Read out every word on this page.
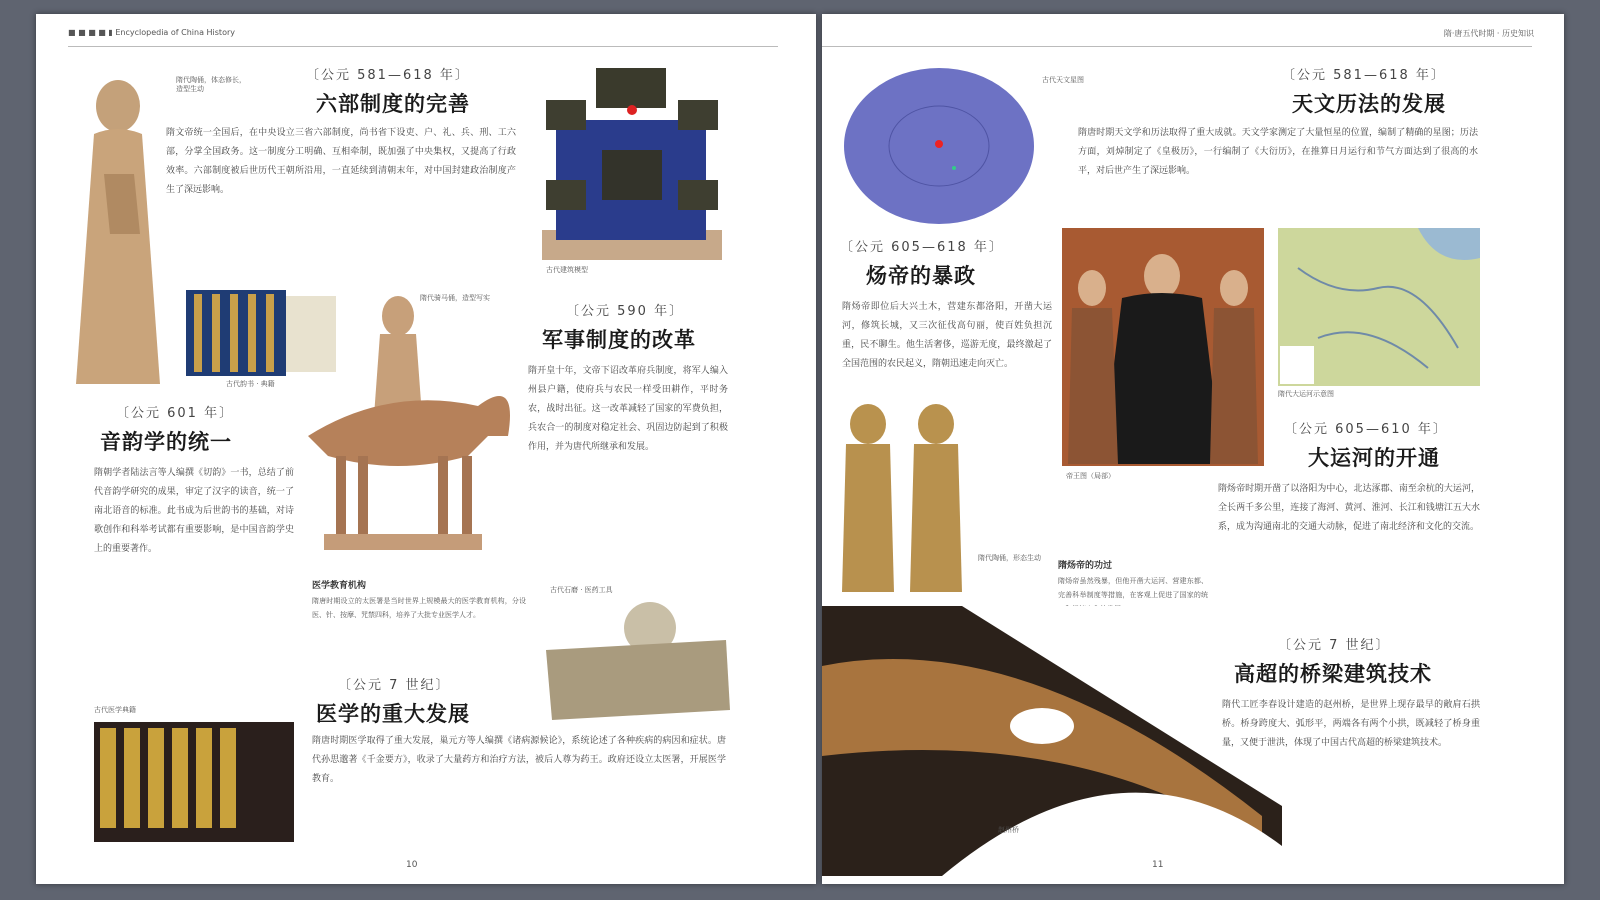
■ ■ ■ ■ ▮ Encyclopedia of China History
隋代陶俑，体态修长，造型生动
〔公元 581—618 年〕
六部制度的完善
隋文帝统一全国后，在中央设立三省六部制度，尚书省下设吏、户、礼、兵、刑、工六部，分掌全国政务。这一制度分工明确、互相牵制，既加强了中央集权，又提高了行政效率。六部制度被后世历代王朝所沿用，一直延续到清朝末年，对中国封建政治制度产生了深远影响。
古代建筑模型
古代韵书 · 典籍
隋代骑马俑，造型写实
〔公元 590 年〕
军事制度的改革
隋开皇十年，文帝下诏改革府兵制度，将军人编入州县户籍，使府兵与农民一样受田耕作，平时务农，战时出征。这一改革减轻了国家的军费负担，兵农合一的制度对稳定社会、巩固边防起到了积极作用，并为唐代所继承和发展。
〔公元 601 年〕
音韵学的统一
隋朝学者陆法言等人编撰《切韵》一书，总结了前代音韵学研究的成果，审定了汉字的读音，统一了南北语音的标准。此书成为后世韵书的基础，对诗歌创作和科举考试都有重要影响，是中国音韵学史上的重要著作。
医学教育机构
隋唐时期设立的太医署是当时世界上规模最大的医学教育机构，分设医、针、按摩、咒禁四科，培养了大批专业医学人才。
古代石磨 · 医药工具
〔公元 7 世纪〕
医学的重大发展
隋唐时期医学取得了重大发展，巢元方等人编撰《诸病源候论》，系统论述了各种疾病的病因和症状。唐代孙思邈著《千金要方》，收录了大量药方和治疗方法，被后人尊为药王。政府还设立太医署，开展医学教育。
古代医学典籍
10
隋·唐五代时期 · 历史知识
古代天文星图	〔公元 581—618 年〕
天文历法的发展
隋唐时期天文学和历法取得了重大成就。天文学家测定了大量恒星的位置，编制了精确的星图；历法方面，刘焯制定了《皇极历》，一行编制了《大衍历》，在推算日月运行和节气方面达到了很高的水平，对后世产生了深远影响。
〔公元 605—618 年〕
炀帝的暴政
隋炀帝即位后大兴土木，营建东都洛阳，开凿大运河，修筑长城，又三次征伐高句丽，使百姓负担沉重，民不聊生。他生活奢侈，巡游无度，最终激起了全国范围的农民起义，隋朝迅速走向灭亡。
帝王图（局部）
隋代大运河示意图
〔公元 605—610 年〕
大运河的开通
隋炀帝时期开凿了以洛阳为中心，北达涿郡、南至余杭的大运河，全长两千多公里，连接了海河、黄河、淮河、长江和钱塘江五大水系，成为沟通南北的交通大动脉，促进了南北经济和文化的交流。
隋代陶俑，形态生动
隋炀帝的功过
隋炀帝虽然残暴，但他开凿大运河、营建东都、完善科举制度等措施，在客观上促进了国家的统
赵州桥
〔公元 7 世纪〕
高超的桥梁建筑技术
隋代工匠李春设计建造的赵州桥，是世界上现存最早的敞肩石拱桥。桥身跨度大、弧形平，两端各有两个小拱，既减轻了桥身重量，又便于泄洪，体现了中国古代高超的桥梁建筑技术。
11
